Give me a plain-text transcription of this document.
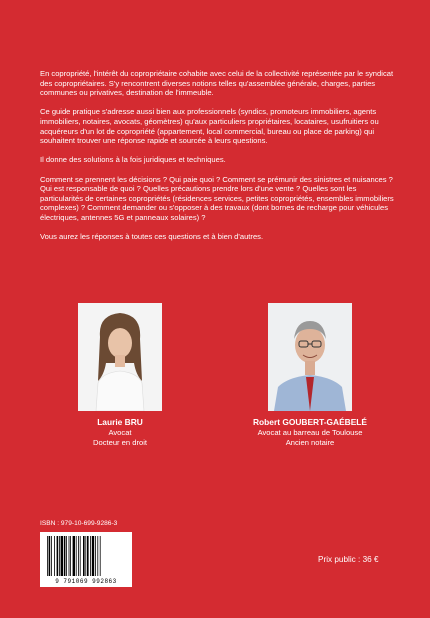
En copropriété, l'intérêt du copropriétaire cohabite avec celui de la collectivité représentée par le syndicat des copropriétaires. S'y rencontrent diverses notions telles qu'assemblée générale, charges, parties communes ou privatives, destination de l'immeuble.

Ce guide pratique s'adresse aussi bien aux professionnels (syndics, promoteurs immobiliers, agents immobiliers, notaires, avocats, géomètres) qu'aux particuliers propriétaires, locataires, usufruitiers ou acquéreurs d'un lot de copropriété (appartement, local commercial, bureau ou place de parking) qui souhaitent trouver une réponse rapide et sourcée à leurs questions.

Il donne des solutions à la fois juridiques et techniques.

Comment se prennent les décisions ? Qui paie quoi ? Comment se prémunir des sinistres et nuisances ? Qui est responsable de quoi ? Quelles précautions prendre lors d'une vente ? Quelles sont les particularités de certaines copropriétés (résidences services, petites copropriétés, ensembles immobiliers complexes) ? Comment demander ou s'opposer à des travaux (dont bornes de recharge pour véhicules électriques, antennes 5G et panneaux solaires) ?

Vous aurez les réponses à toutes ces questions et à bien d'autres.

Laurie BRU
Avocat
Docteur en droit
Robert GOUBERT-GAÉBELÉ
Avocat au barreau de Toulouse
Ancien notaire
ISBN : 979-10-699-9286-3
9 791069 992863
Prix public : 36 €
